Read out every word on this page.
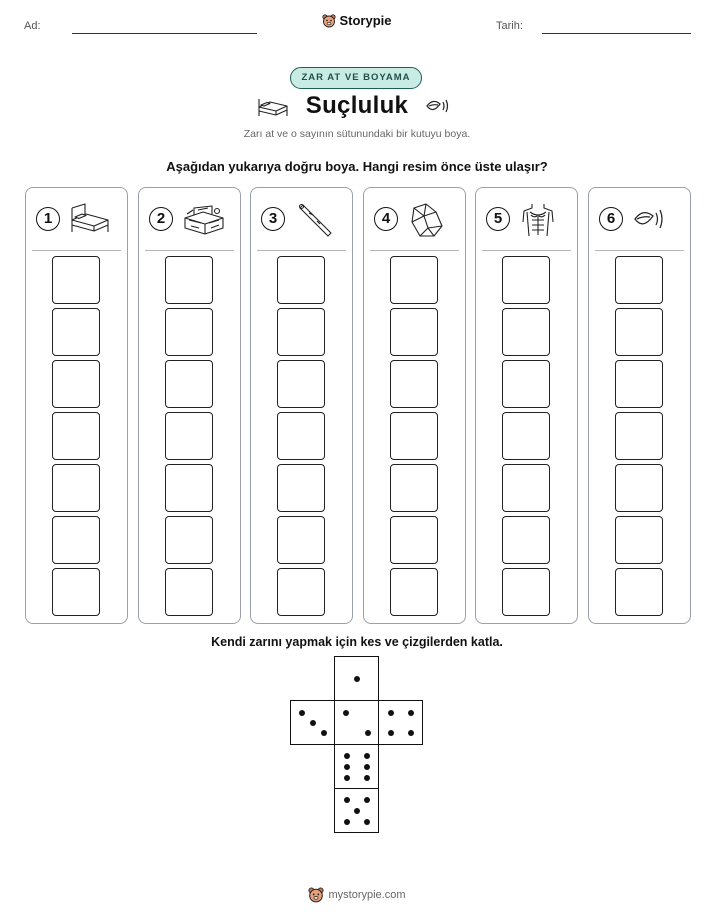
Ad:	Tarih:
Storypie
ZAR AT VE BOYAMA
Suçluluk
Zarı at ve o sayının sütunundaki bir kutuyu boya.
Aşağıdan yukarıya doğru boya. Hangi resim önce üste ulaşır?
1	2	3	4	5	6
Kendi zarını yapmak için kes ve çizgilerden katla.
mystorypie.com
